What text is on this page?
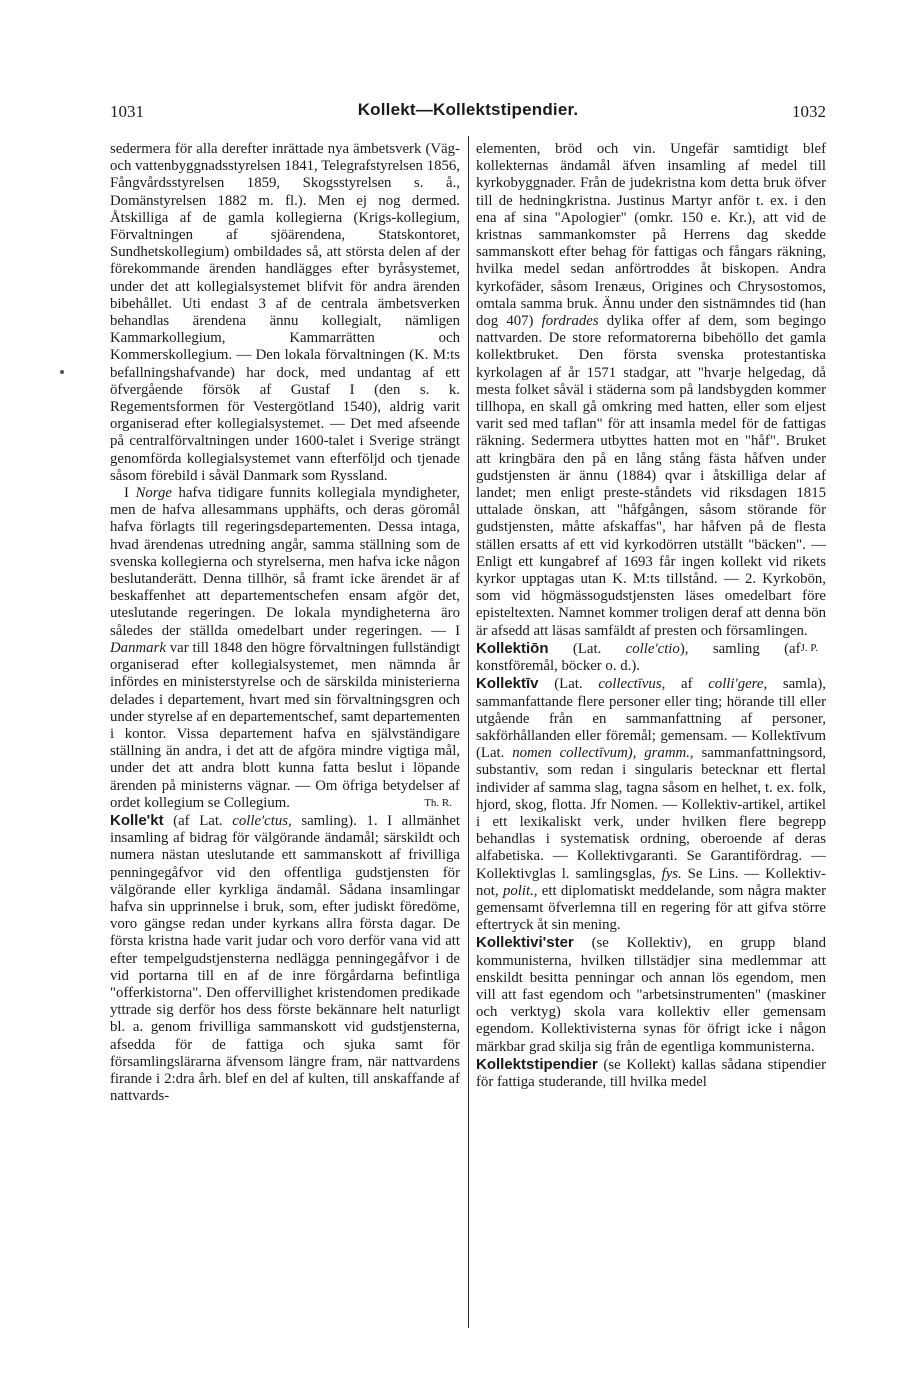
1031	Kollekt—Kollektstipendier.	1032

sedermera för alla derefter inrättade nya ämbetsverk (Väg- och vattenbyggnadsstyrelsen 1841, Telegrafstyrelsen 1856, Fångvårdsstyrelsen 1859, Skogsstyrelsen s. å., Domänstyrelsen 1882 m. fl.). Men ej nog dermed. Åtskilliga af de gamla kollegierna (Krigs-kollegium, Förvaltningen af sjöärendena, Statskontoret, Sundhetskollegium) ombildades så, att största delen af der förekommande ärenden handlägges efter byråsystemet, under det att kollegialsystemet blifvit för andra ärenden bibehållet. Uti endast 3 af de centrala ämbetsverken behandlas ärendena ännu kollegialt, nämligen Kammarkollegium, Kammarrätten och Kommerskollegium. — Den lokala förvaltningen (K. M:ts befallningshafvande) har dock, med undantag af ett öfvergående försök af Gustaf I (den s. k. Regementsformen för Vestergötland 1540), aldrig varit organiserad efter kollegialsystemet. — Det med afseende på centralförvaltningen under 1600-talet i Sverige strängt genomförda kollegialsystemet vann efterföljd och tjenade såsom förebild i såväl Danmark som Ryssland.

I Norge hafva tidigare funnits kollegiala myndigheter, men de hafva allesammans upphäfts, och deras göromål hafva förlagts till regeringsdepartementen. Dessa intaga, hvad ärendenas utredning angår, samma ställning som de svenska kollegierna och styrelserna, men hafva icke någon beslutanderätt. Denna tillhör, så framt icke ärendet är af beskaffenhet att departementschefen ensam afgör det, uteslutande regeringen. De lokala myndigheterna äro således der ställda omedelbart under regeringen. — I Danmark var till 1848 den högre förvaltningen fullständigt organiserad efter kollegialsystemet, men nämnda år infördes en ministerstyrelse och de särskilda ministerierna delades i departement, hvart med sin förvaltningsgren och under styrelse af en departementschef, samt departementen i kontor. Vissa departement hafva en självständigare ställning än andra, i det att de afgöra mindre vigtiga mål, under det att andra blott kunna fatta beslut i löpande ärenden på ministerns vägnar. — Om öfriga betydelser af ordet kollegium se Collegium.	Th. R.

Kolle'kt (af Lat. colle'ctus, samling). 1. I allmänhet insamling af bidrag för välgörande ändamål; särskildt och numera nästan uteslutande ett sammanskott af frivilliga penningegåfvor vid den offentliga gudstjensten för välgörande eller kyrkliga ändamål. Sådana insamlingar hafva sin upprinnelse i bruk, som, efter judiskt föredöme, voro gängse redan under kyrkans allra första dagar. De första kristna hade varit judar och voro derför vana vid att efter tempelgudstjensterna nedlägga penningegåfvor i de vid portarna till en af de inre förgårdarna befintliga "offerkistorna". Den offervillighet kristendomen predikade yttrade sig derför hos dess förste bekännare helt naturligt bl. a. genom frivilliga sammanskott vid gudstjensterna, afsedda för de fattiga och sjuka samt för församlingslärarna äfvensom längre fram, när nattvardens firande i 2:dra årh. blef en del af kulten, till anskaffande af nattvards-

elementen, bröd och vin. Ungefär samtidigt blef kollekternas ändamål äfven insamling af medel till kyrkobyggnader. Från de judekristna kom detta bruk öfver till de hedningkristna. Justinus Martyr anför t. ex. i den ena af sina "Apologier" (omkr. 150 e. Kr.), att vid de kristnas sammankomster på Herrens dag skedde sammanskott efter behag för fattigas och fångars räkning, hvilka medel sedan anförtroddes åt biskopen. Andra kyrkofäder, såsom Irenæus, Origines och Chrysostomos, omtala samma bruk. Ännu under den sistnämndes tid (han dog 407) fordrades dylika offer af dem, som begingo nattvarden. De store reformatorerna bibehöllo det gamla kollektbruket. Den första svenska protestantiska kyrkolagen af år 1571 stadgar, att "hvarje helgedag, då mesta folket såväl i städerna som på landsbygden kommer tillhopa, en skall gå omkring med hatten, eller som eljest varit sed med taflan" för att insamla medel för de fattigas räkning. Sedermera utbyttes hatten mot en "håf". Bruket att kringbära den på en lång stång fästa håfven under gudstjensten är ännu (1884) qvar i åtskilliga delar af landet; men enligt preste-ståndets vid riksdagen 1815 uttalade önskan, att "håfgången, såsom störande för gudstjensten, måtte afskaffas", har håfven på de flesta ställen ersatts af ett vid kyrkodörren utställt "bäcken". — Enligt ett kungabref af 1693 får ingen kollekt vid rikets kyrkor upptagas utan K. M:ts tillstånd. — 2. Kyrkobön, som vid högmässogudstjensten läses omedelbart före episteltexten. Namnet kommer troligen deraf att denna bön är afsedd att läsas samfäldt af presten och församlingen.
J. P.

Kollektiōn (Lat. colle'ctio), samling (af konstföremål, böcker o. d.).

Kollektīv (Lat. collectīvus, af colli'gere, samla), sammanfattande flere personer eller ting; hörande till eller utgående från en sammanfattning af personer, sakförhållanden eller föremål; gemensam. — Kollektīvum (Lat. nomen collectīvum), gramm., sammanfattningsord, substantiv, som redan i singularis betecknar ett flertal individer af samma slag, tagna såsom en helhet, t. ex. folk, hjord, skog, flotta. Jfr Nomen. — Kollektiv-artikel, artikel i ett lexikaliskt verk, under hvilken flere begrepp behandlas i systematisk ordning, oberoende af deras alfabetiska. — Kollektivgaranti. Se Garantifördrag. — Kollektivglas l. samlingsglas, fys. Se Lins. — Kollektiv-not, polit., ett diplomatiskt meddelande, som några makter gemensamt öfverlemna till en regering för att gifva större eftertryck åt sin mening.

Kollektivi'ster (se Kollektiv), en grupp bland kommunisterna, hvilken tillstädjer sina medlemmar att enskildt besitta penningar och annan lös egendom, men vill att fast egendom och "arbetsinstrumenten" (maskiner och verktyg) skola vara kollektiv eller gemensam egendom. Kollektivisterna synas för öfrigt icke i någon märkbar grad skilja sig från de egentliga kommunisterna.

Kollektstipendier (se Kollekt) kallas sådana stipendier för fattiga studerande, till hvilka medel
